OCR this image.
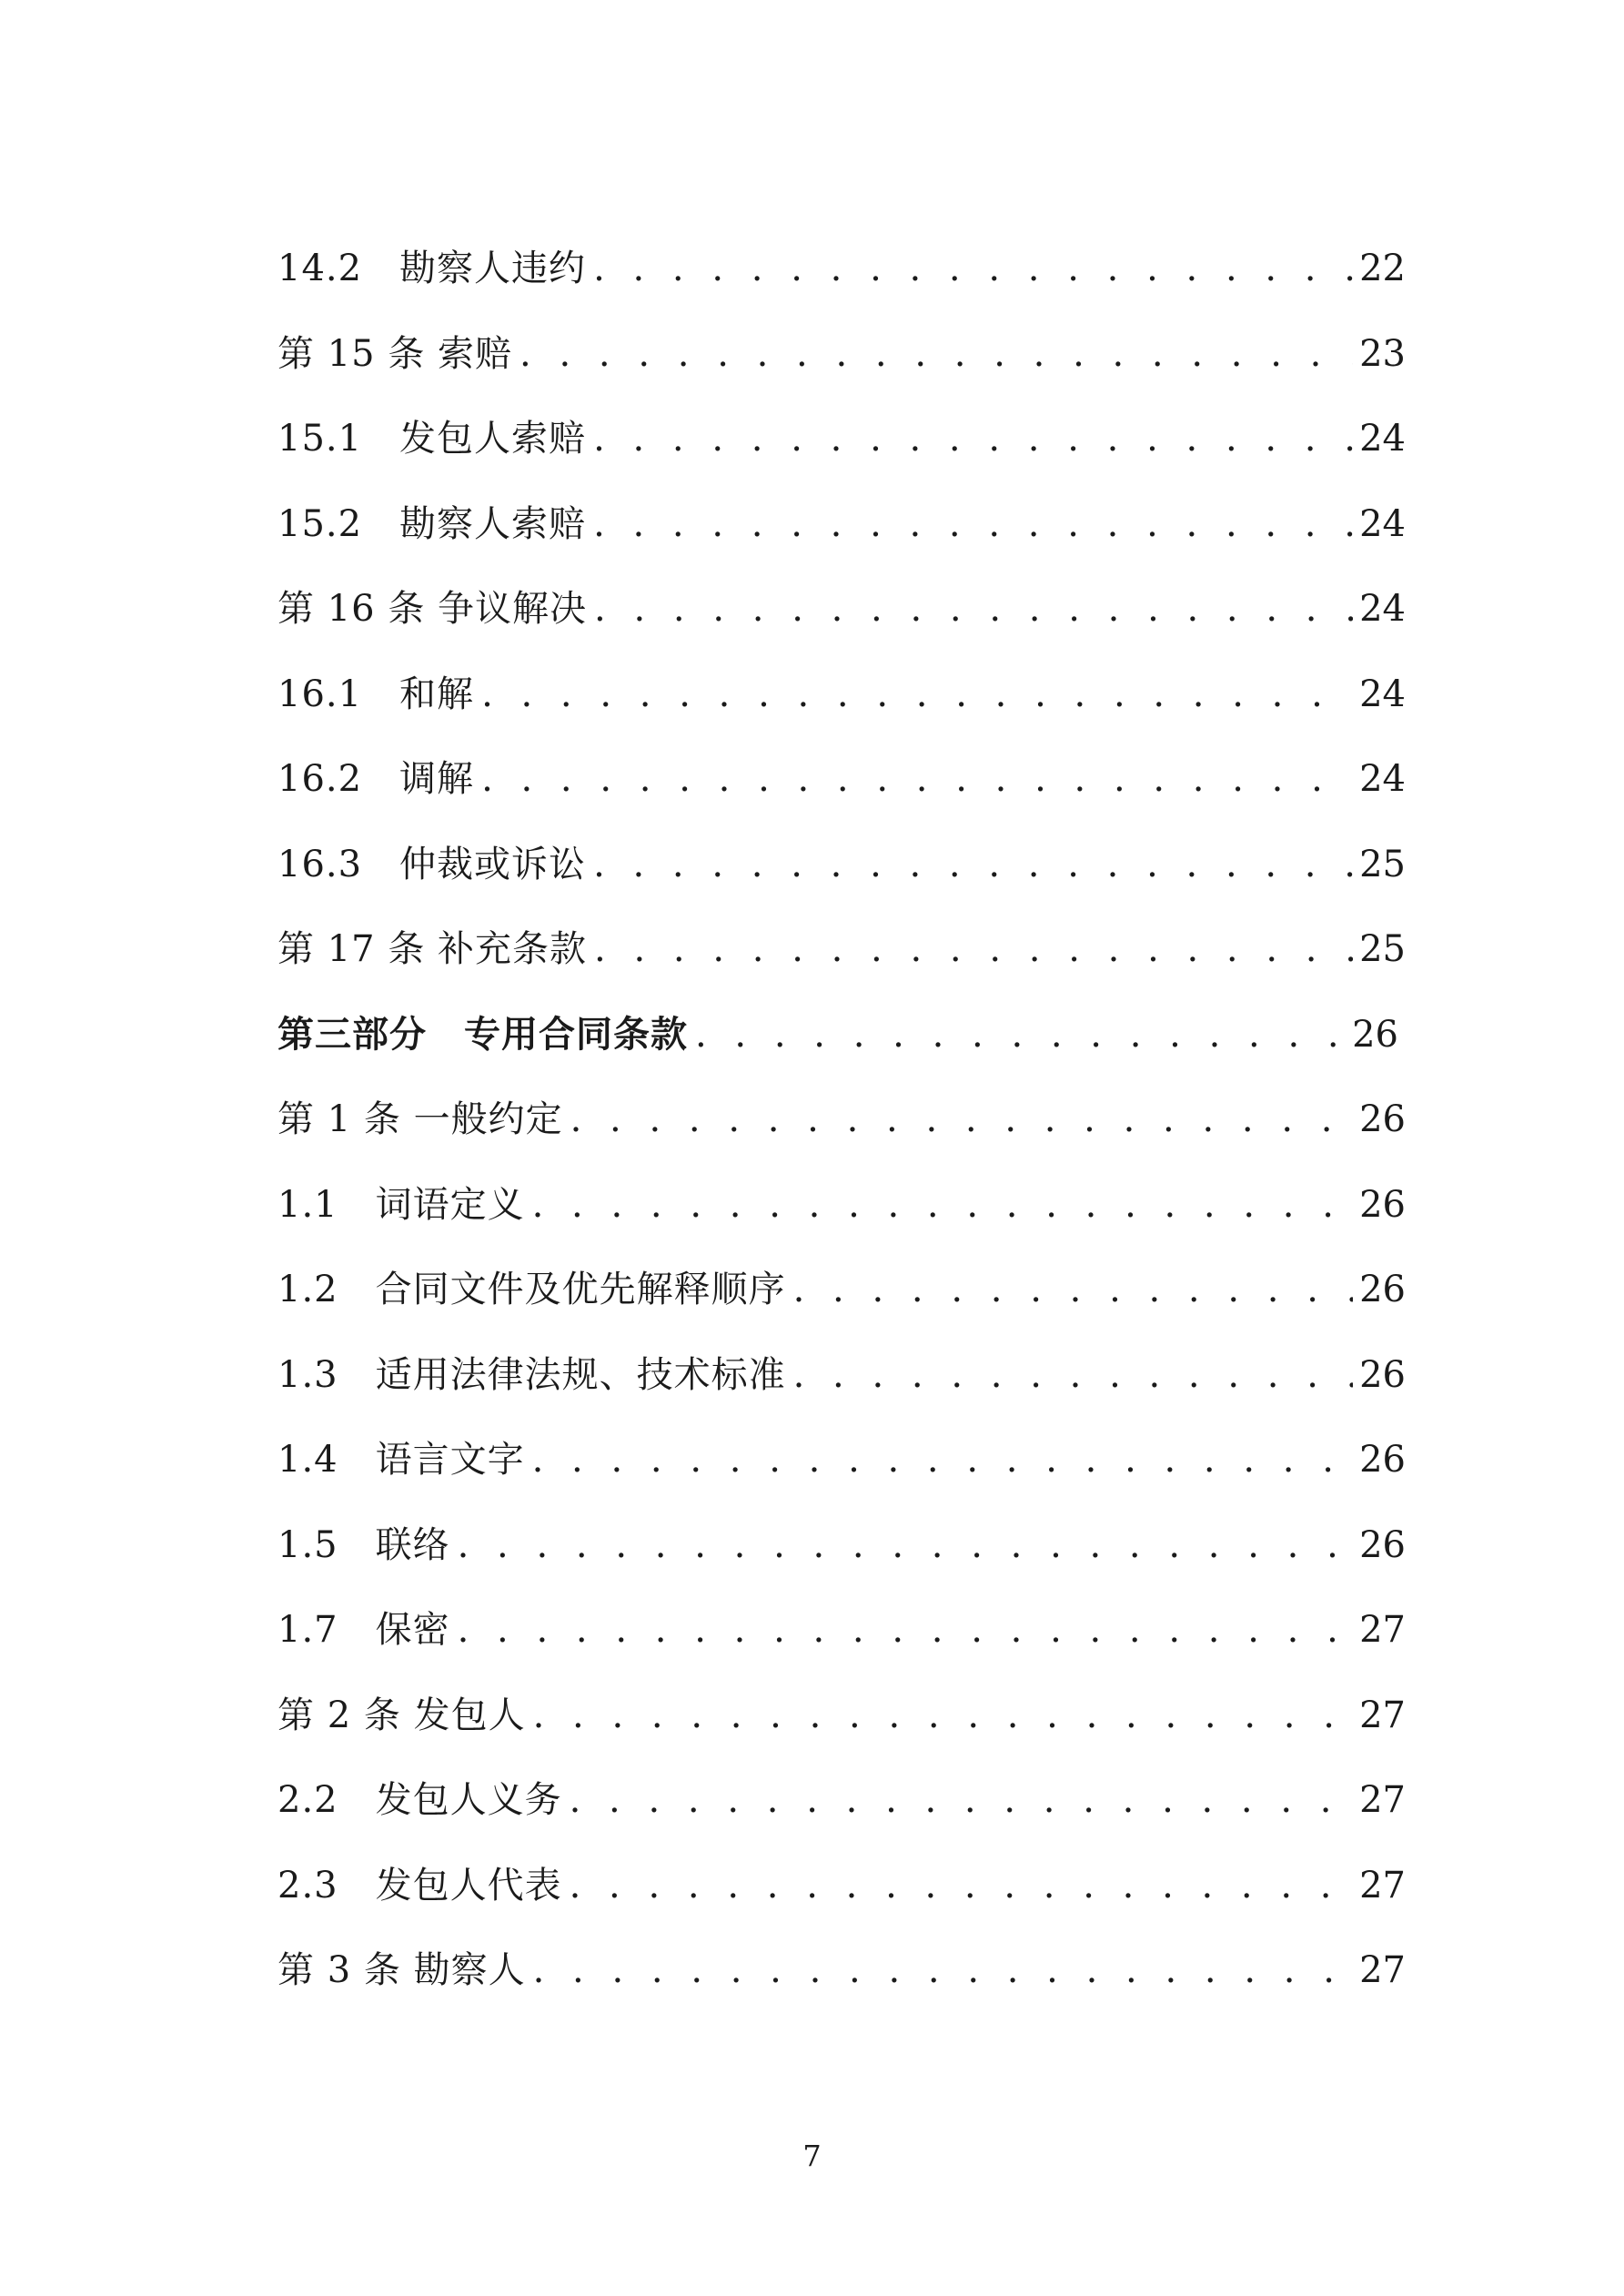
14.2　勘察人违约 . . .	22
第 15 条 索赔 . . .	23
15.1　发包人索赔 . . .	24
15.2　勘察人索赔 . . .	24
第 16 条 争议解决 . . .	24
16.1　和解 . . .	24
16.2　调解 . . .	24
16.3　仲裁或诉讼 . . .	25
第 17 条 补充条款 . . .	25
第三部分　专用合同条款 . . .	26
第 1 条 一般约定 . . .	26
1.1　词语定义 . . .	26
1.2　合同文件及优先解释顺序 . . .	26
1.3　适用法律法规、技术标准 . . .	26
1.4　语言文字 . . .	26
1.5　联络 . . .	26
1.7　保密 . . .	27
第 2 条 发包人 . . .	27
2.2　发包人义务 . . .	27
2.3　发包人代表 . . .	27
第 3 条 勘察人 . . .	27
7
